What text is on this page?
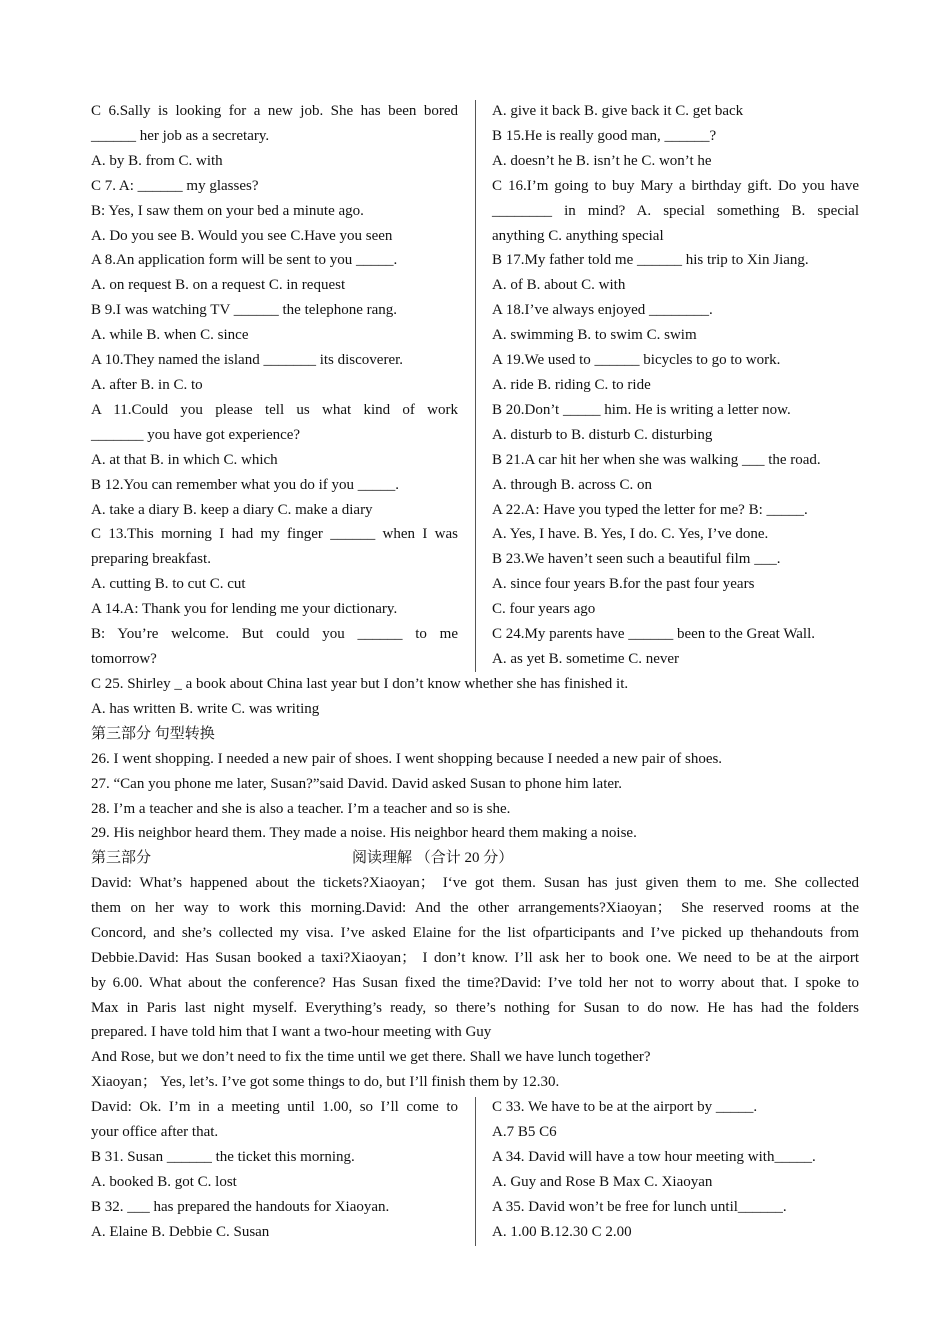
C 6.Sally is looking for a new job. She has been bored
______ her job as a secretary.
A. by B. from C. with
C 7. A: ______ my glasses?
B: Yes, I saw them on your bed a minute ago.
A. Do you see B. Would you see C.Have you seen
A 8.An application form will be sent to you _____.
A. on request B. on a request C. in request
B 9.I was watching TV ______ the telephone rang.
A. while B. when C. since
A 10.They named the island _______ its discoverer.
A. after B. in C. to
A 11.Could you please tell us what kind of work
_______ you have got experience?
A. at that B. in which C. which
B 12.You can remember what you do if you _____.
A. take a diary B. keep a diary C. make a diary
C 13.This morning I had my finger ______ when I was
preparing breakfast.
A. cutting B. to cut C. cut
A 14.A: Thank you for lending me your dictionary.
B: You’re welcome. But could you ______ to me
tomorrow?
A. give it back B. give back it C. get back
B 15.He is really good man, ______?
A. doesn’t he B. isn’t he C. won’t he
C 16.I’m going to buy Mary a birthday gift. Do you have
________ in mind? A. special something B. special
anything C. anything special
B 17.My father told me ______ his trip to Xin Jiang.
A. of B. about C. with
A 18.I’ve always enjoyed ________.
A. swimming B. to swim C. swim
A 19.We used to ______ bicycles to go to work.
A. ride B. riding C. to ride
B 20.Don’t _____ him. He is writing a letter now.
A. disturb to B. disturb C. disturbing
B 21.A car hit her when she was walking ___ the road.
A. through B. across C. on
A 22.A: Have you typed the letter for me? B: _____.
A. Yes, I have. B. Yes, I do. C. Yes, I’ve done.
B 23.We haven’t seen such a beautiful film ___.
A. since four years B.for the past four years
C. four years ago
C 24.My parents have ______ been to the Great Wall.
A. as yet B. sometime C. never
C 25. Shirley _ a book about China last year but I don’t know whether she has finished it.
A. has written B. write C. was writing
第三部分 句型转换
26. I went shopping. I needed a new pair of shoes. I went shopping because I needed a new pair of shoes.
27. “Can you phone me later, Susan?”said David. David asked Susan to phone him later.
28. I’m a teacher and she is also a teacher. I’m a teacher and so is she.
29. His neighbor heard them. They made a noise. His neighbor heard them making a noise.
第三部分	阅读理解 （合计 20 分）
David: What’s happened about the tickets?Xiaoyan； I‘ve got them. Susan has just given them to me. She collected
them on her way to work this morning.David: And the other arrangements?Xiaoyan； She reserved rooms at the
Concord, and she’s collected my visa. I’ve asked Elaine for the list ofparticipants and I’ve picked up thehandouts from
Debbie.David: Has Susan booked a taxi?Xiaoyan； I don’t know. I’ll ask her to book one. We need to be at the airport
by 6.00. What about the conference? Has Susan fixed the time?David: I’ve told her not to worry about that. I spoke to
Max in Paris last night myself. Everything’s ready, so there’s nothing for Susan to do now. He has had the folders
prepared. I have told him that I want a two-hour meeting with Guy
And Rose, but we don’t need to fix the time until we get there. Shall we have lunch together?
Xiaoyan； Yes, let’s. I’ve got some things to do, but I’ll finish them by 12.30.
David: Ok. I’m in a meeting until 1.00, so I’ll come to
your office after that.
B 31. Susan ______ the ticket this morning.
A. booked B. got C. lost
B 32. ___ has prepared the handouts for Xiaoyan.
A. Elaine B. Debbie C. Susan
C 33. We have to be at the airport by _____.
A.7 B5 C6
A 34. David will have a tow hour meeting with_____.
A. Guy and Rose B Max C. Xiaoyan
A 35. David won’t be free for lunch until______.
A. 1.00 B.12.30 C 2.00
